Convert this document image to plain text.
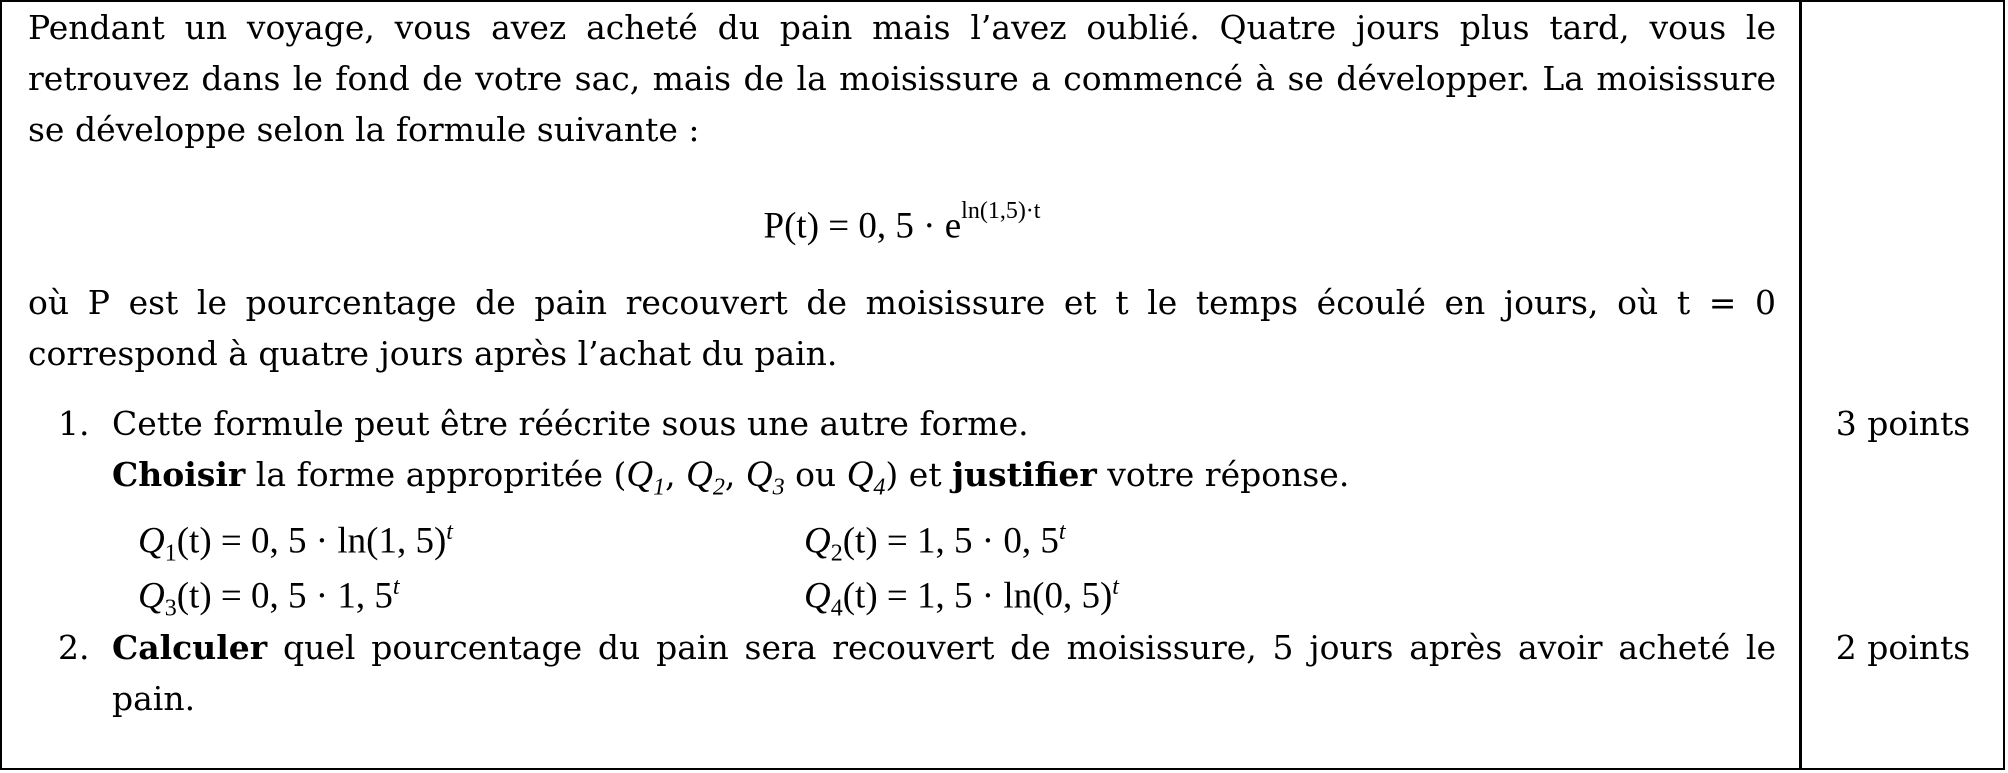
Pendant un voyage, vous avez acheté du pain mais l’avez oublié. Quatre jours plus tard, vous le retrouvez dans le fond de votre sac, mais de la moisissure a commencé à se développer. La moisissure se développe selon la formule suivante :
P(t) = 0, $5 \cdot e^{ln(1,5)\cdot t}$
où P est le pourcentage de pain recouvert de moisissure et t le temps écoulé en jours, où t = 0 correspond à quatre jours après l’achat du pain.
1. Cette formule peut être réécrite sous une autre forme.
Choisir la forme appropritée ($Q_1$, $Q_2$, $Q_3$ ou $Q_4$) et justifier votre réponse.
$Q_1(t) = 0$, 5 · ln(1, 5)$^t$	$Q_2(t) = 1$, 5 · 0, 5$^t$
$Q_3(t) = 0$, 5 · 1, 5$^t$	$Q_4(t) = 1$, 5 · ln(0, 5)$^t$
2. Calculer quel pourcentage du pain sera recouvert de moisissure, 5 jours après avoir acheté le pain.
3 points
2 points
